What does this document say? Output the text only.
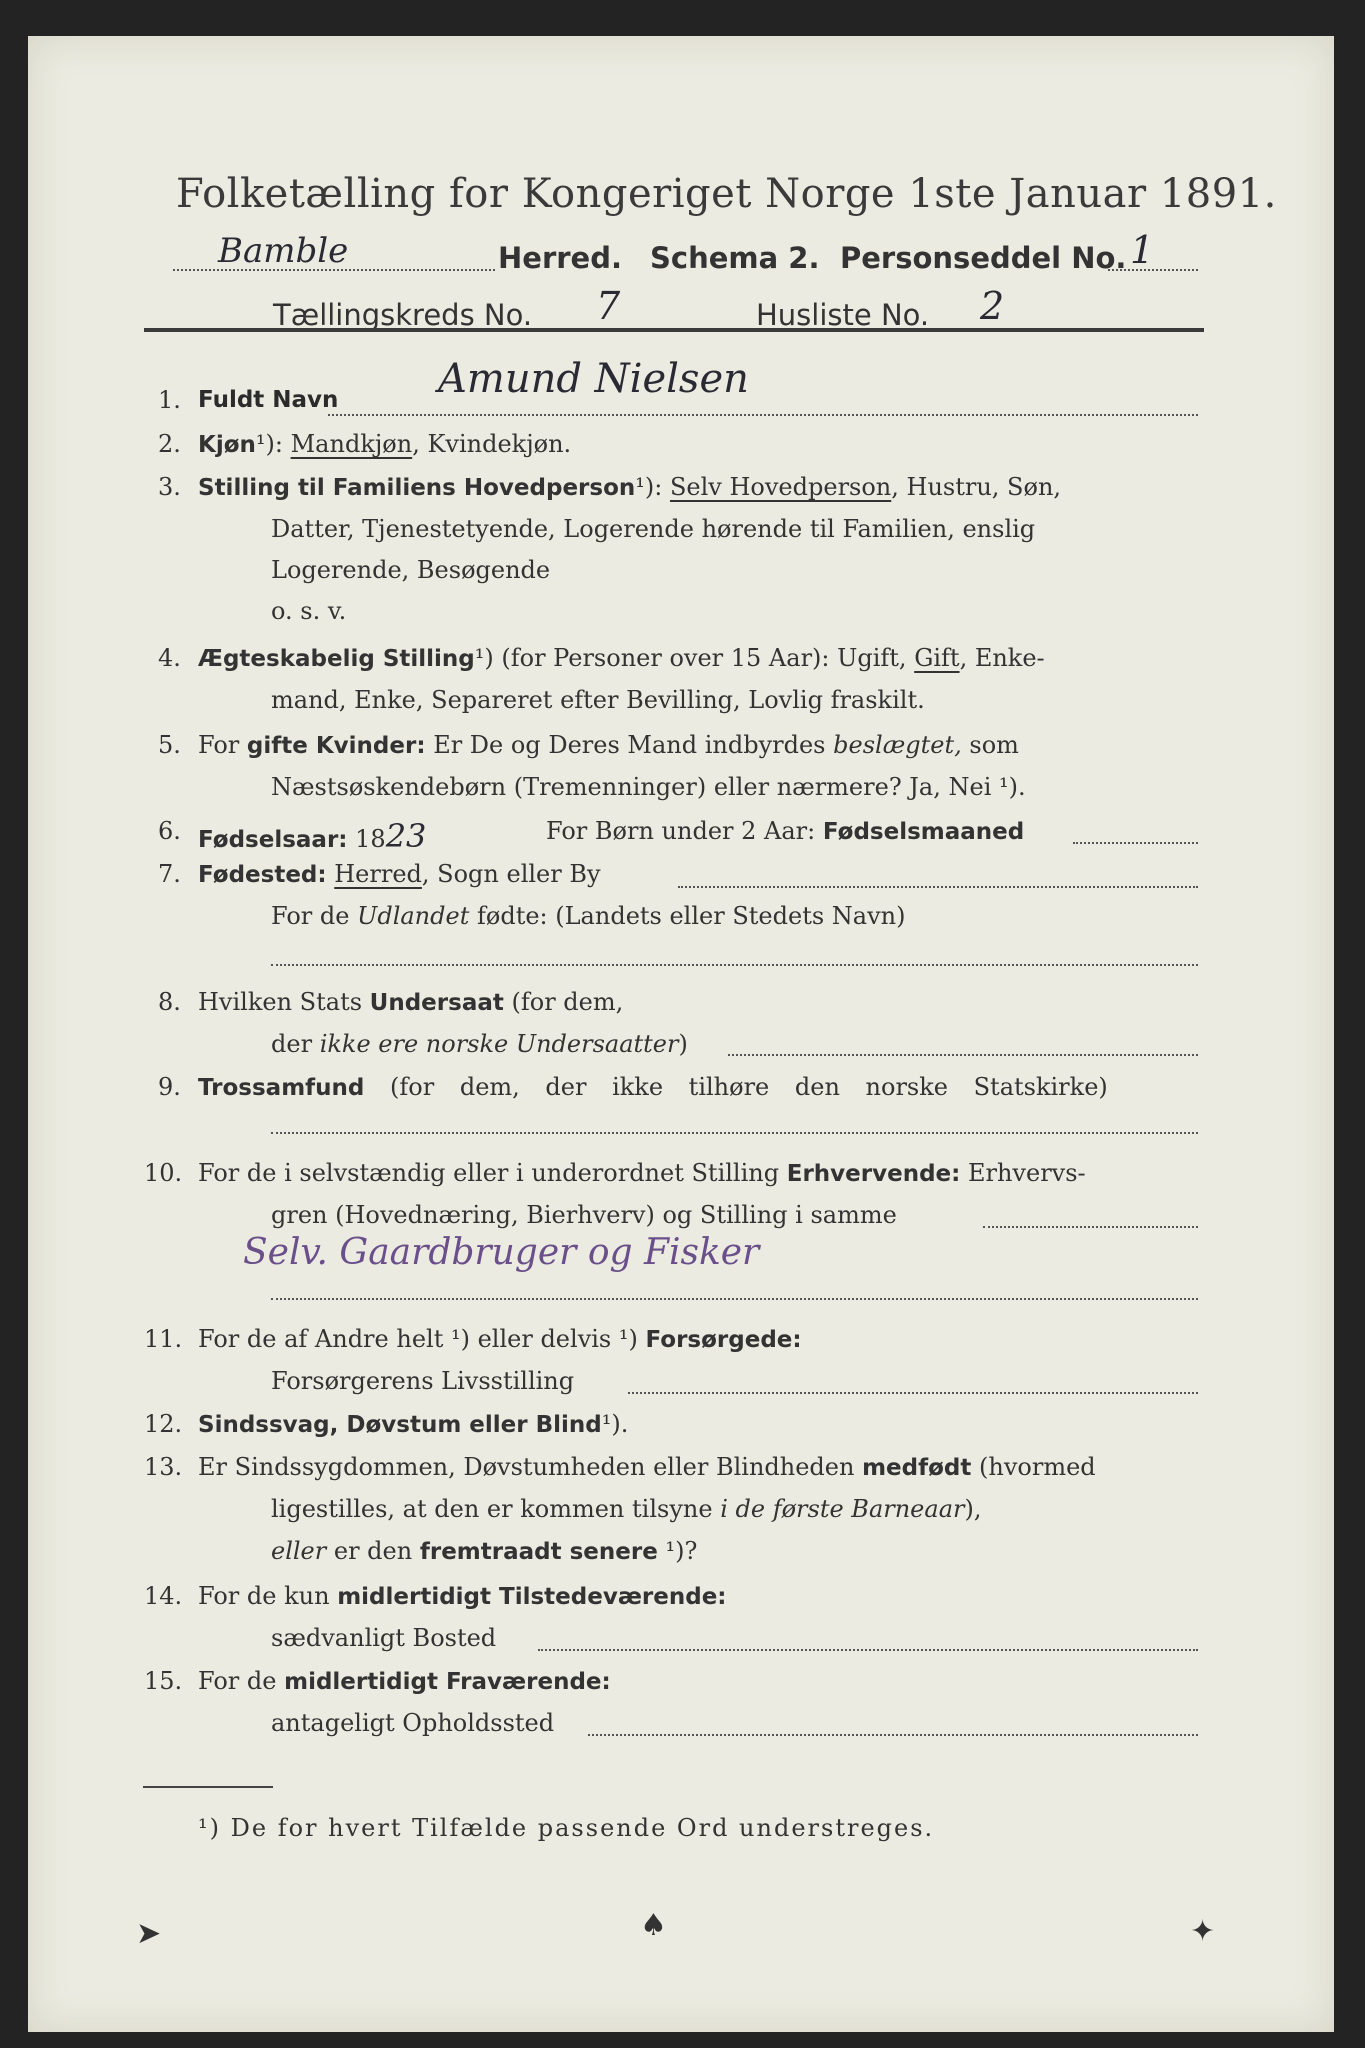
Folketælling for Kongeriget Norge 1ste Januar 1891.
Bamble	Herred. Schema 2. Personseddel No. 1
Tællingskreds No. 7	Husliste No. 2
1. Fuldt Navn Amund Nielsen
2. Kjøn¹): Mandkjøn, Kvindekjøn.
3. Stilling til Familiens Hovedperson¹): Selv Hovedperson, Hustru, Søn,
Datter, Tjenestetyende, Logerende hørende til Familien, enslig
Logerende, Besøgende
o. s. v.
4. Ægteskabelig Stilling¹) (for Personer over 15 Aar): Ugift, Gift, Enke-
mand, Enke, Separeret efter Bevilling, Lovlig fraskilt.
5. For gifte Kvinder: Er De og Deres Mand indbyrdes beslægtet, som
Næstsøskendebørn (Tremenninger) eller nærmere? Ja, Nei ¹).
6. Fødselsaar: 1823	For Børn under 2 Aar: Fødselsmaaned
7. Fødested: Herred, Sogn eller By
For de Udlandet fødte: (Landets eller Stedets Navn)
8. Hvilken Stats Undersaat (for dem,
der ikke ere norske Undersaatter)
9. Trossamfund (for dem, der ikke tilhøre den norske Statskirke)
10. For de i selvstændig eller i underordnet Stilling Erhvervende: Erhvervs-
gren (Hovednæring, Bierhverv) og Stilling i samme
Selv. Gaardbruger og Fisker
11. For de af Andre helt ¹) eller delvis ¹) Forsørgede:
Forsørgerens Livsstilling
12. Sindssvag, Døvstum eller Blind¹).
13. Er Sindssygdommen, Døvstumheden eller Blindheden medfødt (hvormed
ligestilles, at den er kommen tilsyne i de første Barneaar),
eller er den fremtraadt senere ¹)?
14. For de kun midlertidigt Tilstedeværende:
sædvanligt Bosted
15. For de midlertidigt Fraværende:
antageligt Opholdssted
¹) De for hvert Tilfælde passende Ord understreges.
➤	♠	✦
